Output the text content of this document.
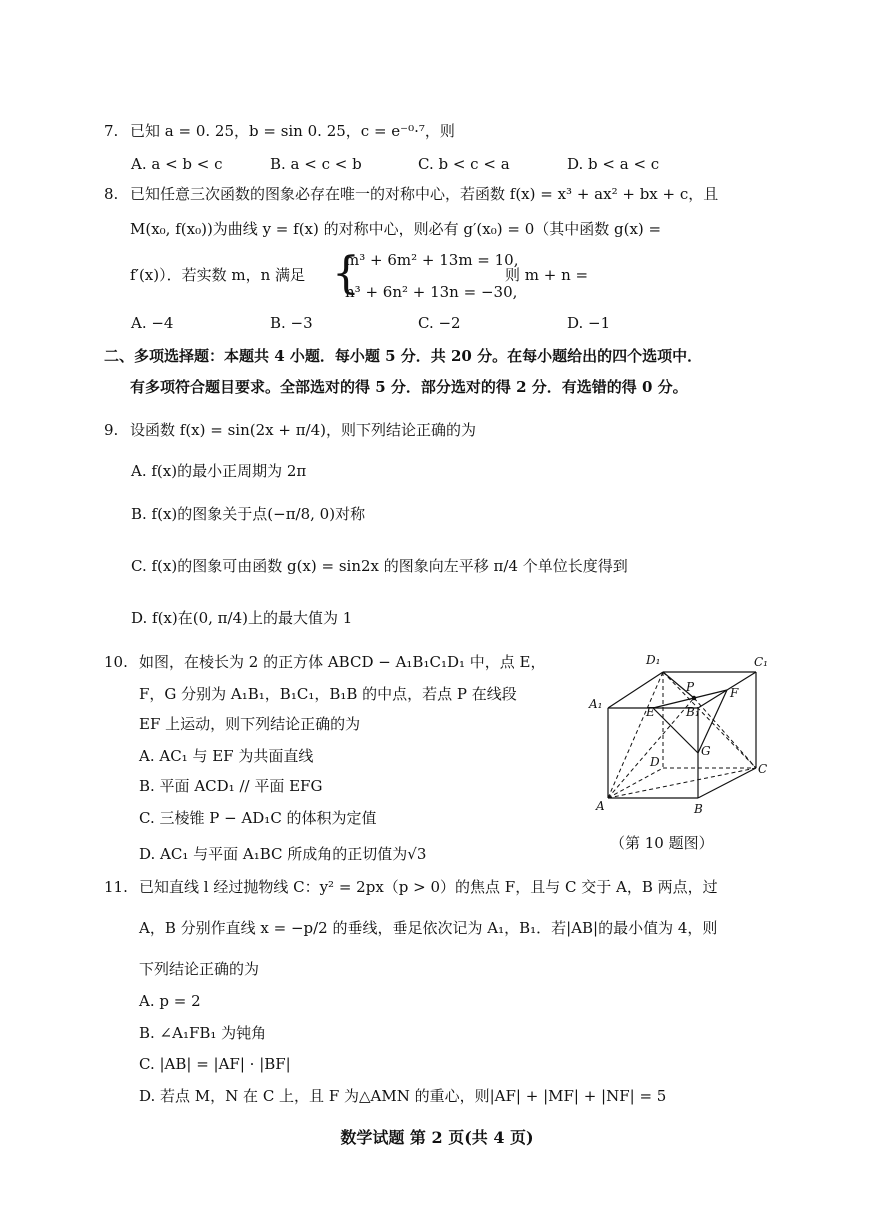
7. 已知 a = 0. 25，b = sin 0. 25，c = e⁻⁰·⁷，则
A. a < b < c	B. a < c < b	C. b < c < a	D. b < a < c
8. 已知任意三次函数的图象必存在唯一的对称中心，若函数 f(x) = x³ + ax² + bx + c，且
M(x₀, f(x₀))为曲线 y = f(x) 的对称中心，则必有 g′(x₀) = 0（其中函数 g(x) =
f′(x)）．若实数 m，n 满足 {
m³ + 6m² + 13m = 10,
n³ + 6n² + 13n = −30,
则 m + n =
A. −4	B. −3	C. −2	D. −1
二、多项选择题：本题共 4 小题．每小题 5 分．共 20 分。在每小题给出的四个选项中．
有多项符合题目要求。全部选对的得 5 分．部分选对的得 2 分．有选错的得 0 分。
9. 设函数 f(x) = sin(2x + π/4)，则下列结论正确的为
A. f(x)的最小正周期为 2π
B. f(x)的图象关于点(−π/8, 0)对称
C. f(x)的图象可由函数 g(x) = sin2x 的图象向左平移 π/4 个单位长度得到
D. f(x)在(0, π/4)上的最大值为 1
10. 如图，在棱长为 2 的正方体 ABCD − A₁B₁C₁D₁ 中，点 E，
F，G 分别为 A₁B₁，B₁C₁，B₁B 的中点，若点 P 在线段
EF 上运动，则下列结论正确的为
A. AC₁ 与 EF 为共面直线
B. 平面 ACD₁ // 平面 EFG
C. 三棱锥 P − AD₁C 的体积为定值
D. AC₁ 与平面 A₁BC 所成角的正切值为√3
D₁	C₁
A₁
P	F
E	B₁
G
D	C
A	B
（第 10 题图）
11. 已知直线 l 经过抛物线 C：y² = 2px（p > 0）的焦点 F，且与 C 交于 A，B 两点，过
A，B 分别作直线 x = −p/2 的垂线，垂足依次记为 A₁，B₁．若|AB|的最小值为 4，则
下列结论正确的为
A. p = 2
B. ∠A₁FB₁ 为钝角
C. |AB| = |AF| · |BF|
D. 若点 M，N 在 C 上，且 F 为△AMN 的重心，则|AF| + |MF| + |NF| = 5
数学试题 第 2 页(共 4 页)
